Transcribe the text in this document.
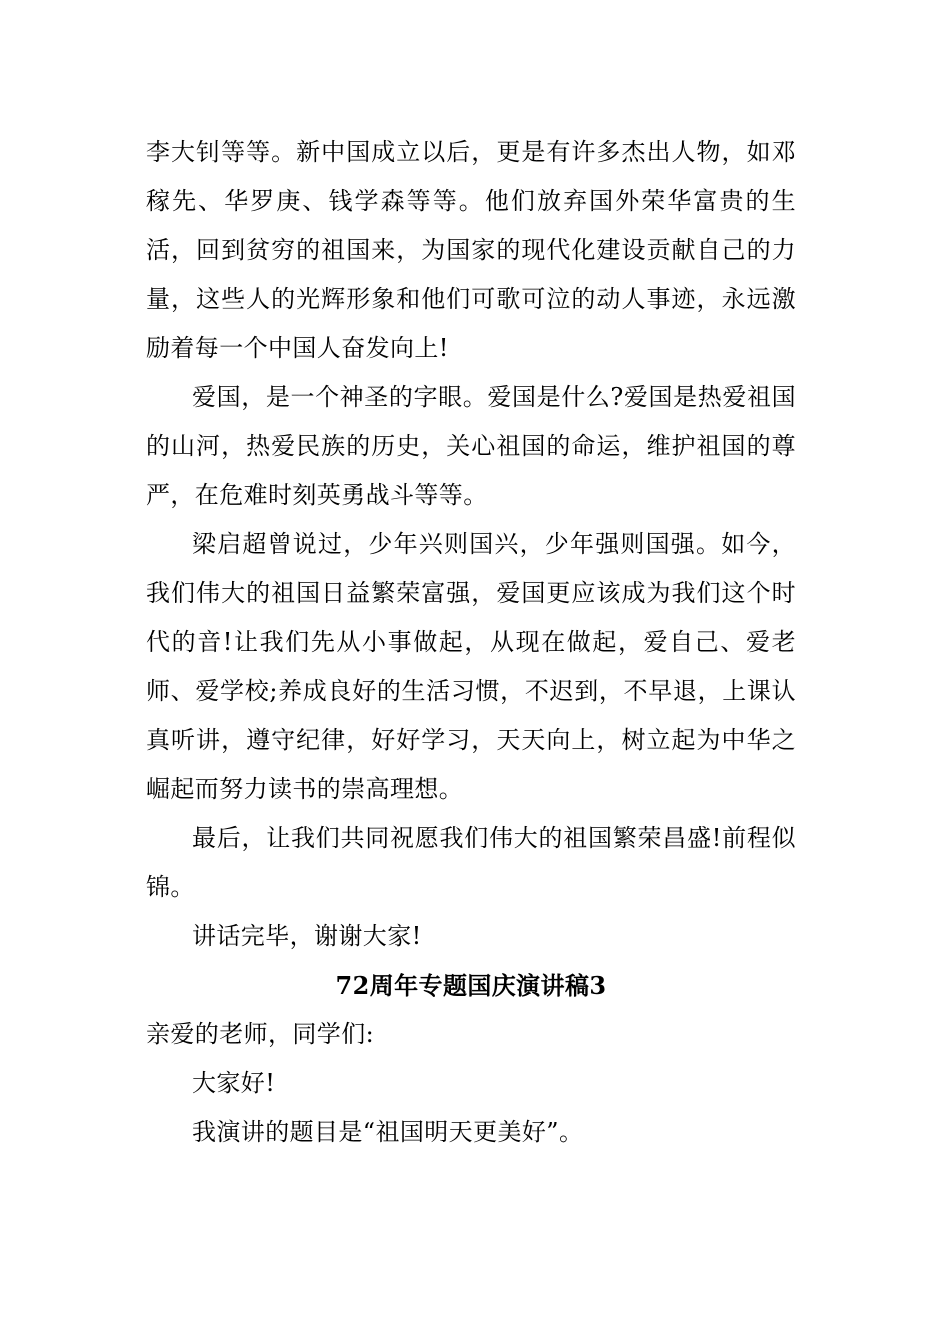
李大钊等等。新中国成立以后，更是有许多杰出人物，如邓稼先、华罗庚、钱学森等等。他们放弃国外荣华富贵的生活，回到贫穷的祖国来，为国家的现代化建设贡献自己的力量，这些人的光辉形象和他们可歌可泣的动人事迹，永远激励着每一个中国人奋发向上!

爱国，是一个神圣的字眼。爱国是什么?爱国是热爱祖国的山河，热爱民族的历史，关心祖国的命运，维护祖国的尊严，在危难时刻英勇战斗等等。

梁启超曾说过，少年兴则国兴，少年强则国强。如今，我们伟大的祖国日益繁荣富强，爱国更应该成为我们这个时代的音!让我们先从小事做起，从现在做起，爱自己、爱老师、爱学校;养成良好的生活习惯，不迟到，不早退，上课认真听讲，遵守纪律，好好学习，天天向上，树立起为中华之崛起而努力读书的崇高理想。

最后，让我们共同祝愿我们伟大的祖国繁荣昌盛!前程似锦。

讲话完毕，谢谢大家!

72周年专题国庆演讲稿3

亲爱的老师，同学们:

大家好!

我演讲的题目是“祖国明天更美好”。
